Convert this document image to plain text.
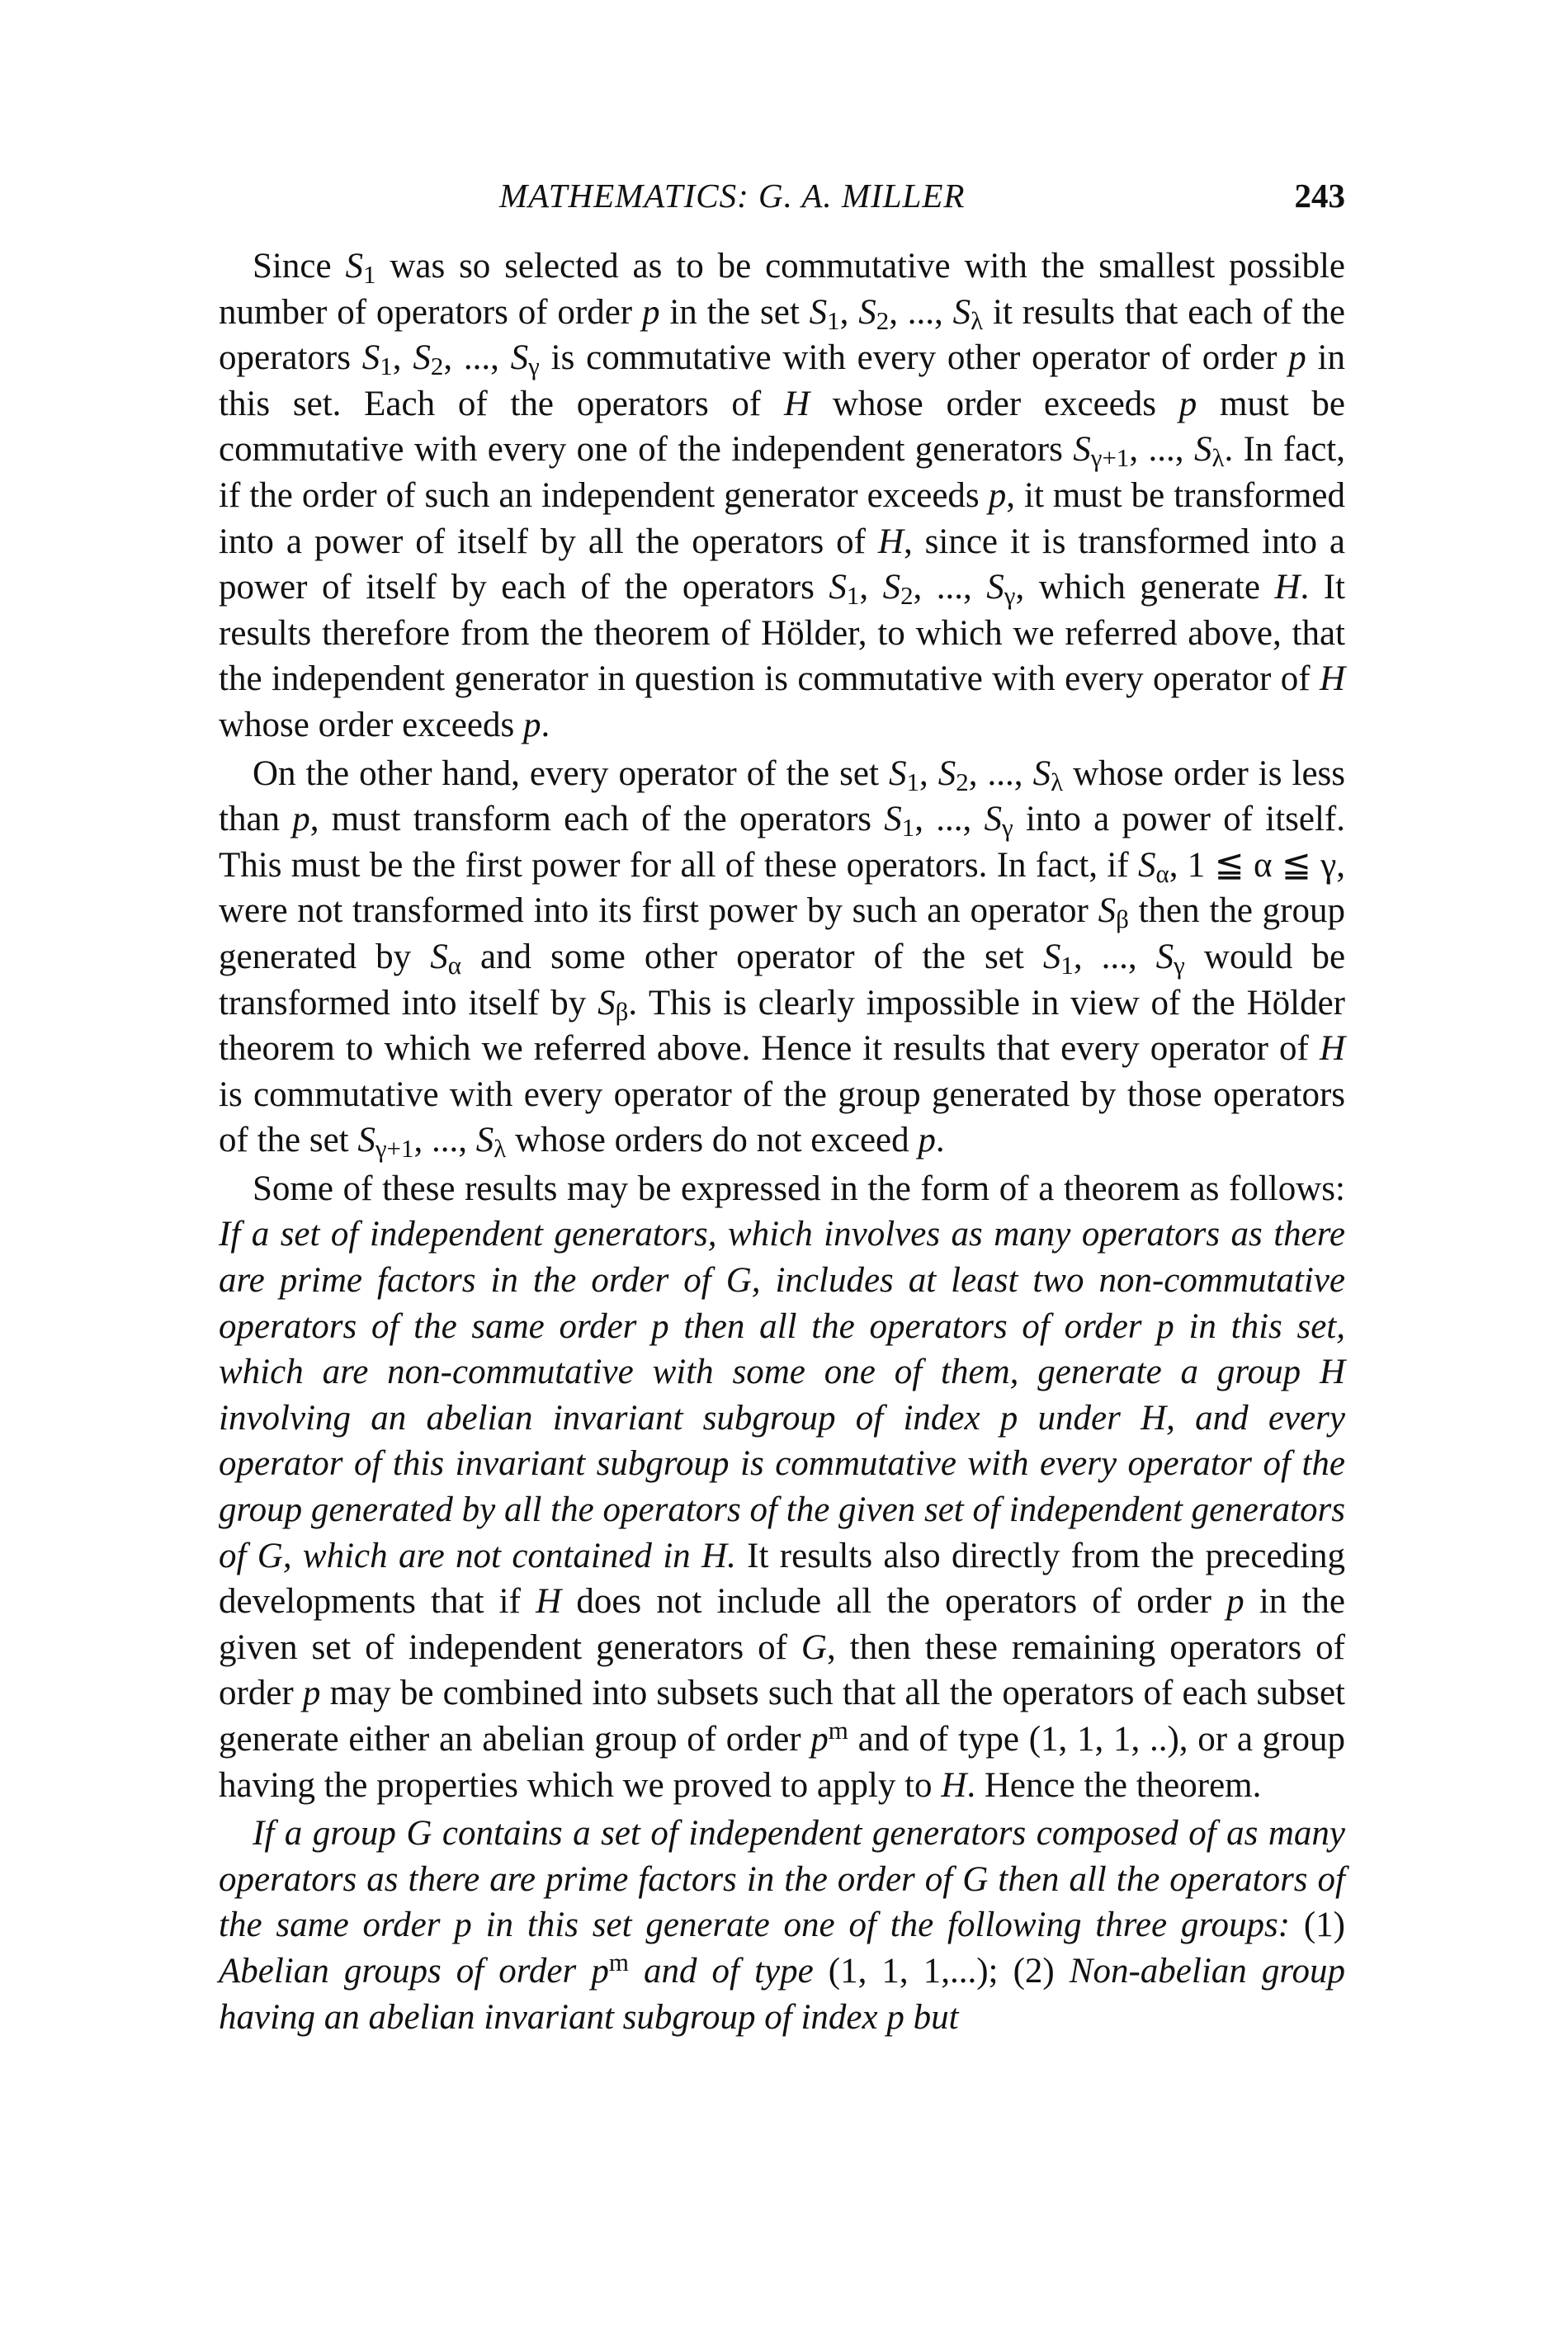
MATHEMATICS: G. A. MILLER	243

Since $S_1$ was so selected as to be commutative with the smallest possible number of operators of order p in the set $S_1$, $S_2$, ..., $S_\lambda$ it results that each of the operators $S_1$, $S_2$, ..., $S_\gamma$ is commutative with every other operator of order p in this set. Each of the operators of H whose order exceeds p must be commutative with every one of the independent generators $S_{\gamma+1}$, ..., $S_\lambda$. In fact, if the order of such an independent generator exceeds p, it must be transformed into a power of itself by all the operators of H, since it is transformed into a power of itself by each of the operators $S_1$, $S_2$, ..., $S_\gamma$, which generate H. It results therefore from the theorem of Hölder, to which we referred above, that the independent generator in question is commutative with every operator of H whose order exceeds p.

On the other hand, every operator of the set $S_1$, $S_2$, ..., $S_\lambda$ whose order is less than p, must transform each of the operators $S_1$, ..., $S_\gamma$ into a power of itself. This must be the first power for all of these operators. In fact, if $S_\alpha$, 1 ≦ α ≦ γ, were not transformed into its first power by such an operator $S_\beta$ then the group generated by $S_\alpha$ and some other operator of the set $S_1$, ..., $S_\gamma$ would be transformed into itself by $S_\beta$. This is clearly impossible in view of the Hölder theorem to which we referred above. Hence it results that every operator of H is commutative with every operator of the group generated by those operators of the set $S_{\gamma+1}$, ..., $S_\lambda$ whose orders do not exceed p.

Some of these results may be expressed in the form of a theorem as follows: If a set of independent generators, which involves as many operators as there are prime factors in the order of G, includes at least two non-commutative operators of the same order p then all the operators of order p in this set, which are non-commutative with some one of them, generate a group H involving an abelian invariant subgroup of index p under H, and every operator of this invariant subgroup is commutative with every operator of the group generated by all the operators of the given set of independent generators of G, which are not contained in H. It results also directly from the preceding developments that if H does not include all the operators of order p in the given set of independent generators of G, then these remaining operators of order p may be combined into subsets such that all the operators of each subset generate either an abelian group of order $p^m$ and of type (1, 1, 1, ..), or a group having the properties which we proved to apply to H. Hence the theorem.

If a group G contains a set of independent generators composed of as many operators as there are prime factors in the order of G then all the operators of the same order p in this set generate one of the following three groups: (1) Abelian groups of order $p^m$ and of type (1, 1, 1,...); (2) Non-abelian group having an abelian invariant subgroup of index p but
